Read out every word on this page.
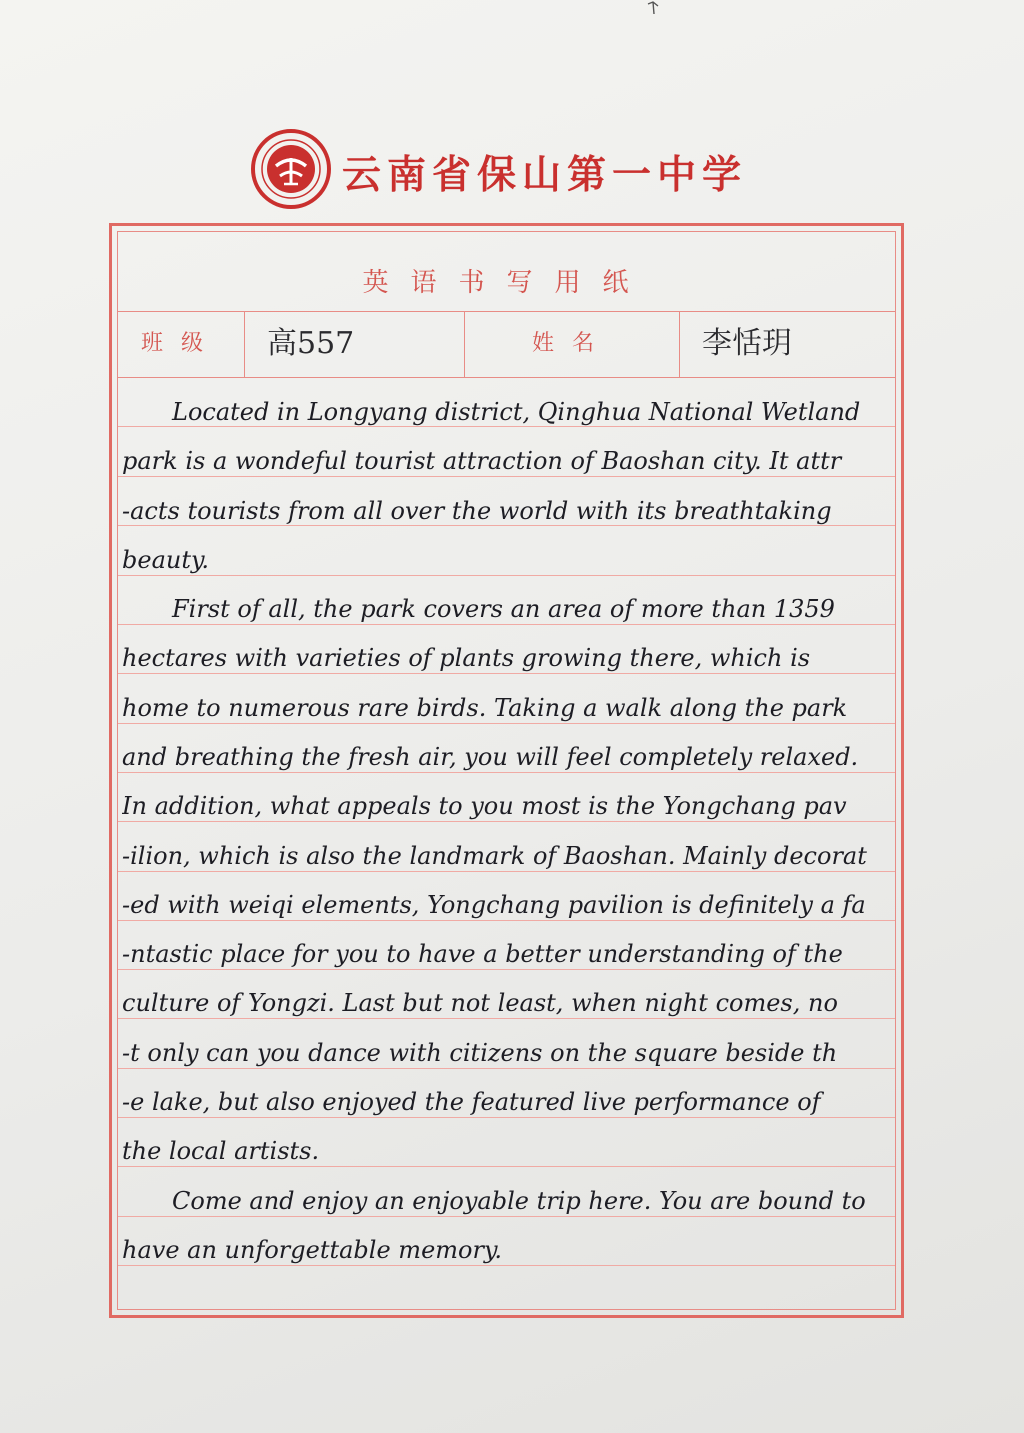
云南省保山第一中学
英语书写用纸
班级	高557	姓名	李恬玥
Located in Longyang district, Qinghua National Wetland
park is a wondeful tourist attraction of Baoshan city. It attr
-acts tourists from all over the world with its breathtaking
beauty.
First of all, the park covers an area of more than 1359
hectares with varieties of plants growing there, which is
home to numerous rare birds. Taking a walk along the park
and breathing the fresh air, you will feel completely relaxed.
In addition, what appeals to you most is the Yongchang pav
-ilion, which is also the landmark of Baoshan. Mainly decorat
-ed with weiqi elements, Yongchang pavilion is definitely a fa
-ntastic place for you to have a better understanding of the
culture of Yongzi. Last but not least, when night comes, no
-t only can you dance with citizens on the square beside th
-e lake, but also enjoyed the featured live performance of
the local artists.
Come and enjoy an enjoyable trip here. You are bound to
have an unforgettable memory.
